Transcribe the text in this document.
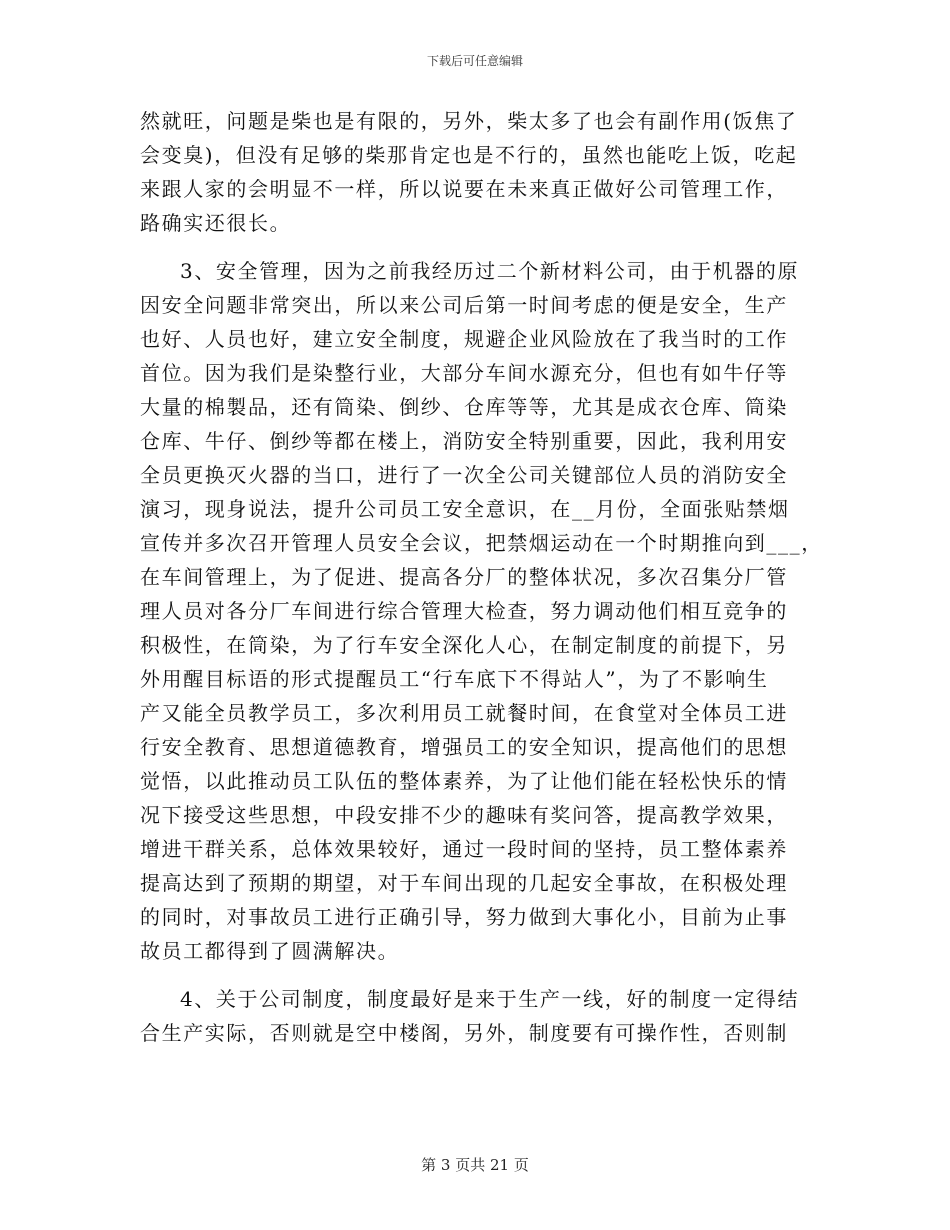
下载后可任意编辑
然就旺，问题是柴也是有限的，另外，柴太多了也会有副作用(饭焦了
会变臭)，但没有足够的柴那肯定也是不行的，虽然也能吃上饭，吃起
来跟人家的会明显不一样，所以说要在未来真正做好公司管理工作，
路确实还很长。
3、安全管理，因为之前我经历过二个新材料公司，由于机器的原
因安全问题非常突出，所以来公司后第一时间考虑的便是安全，生产
也好、人员也好，建立安全制度，规避企业风险放在了我当时的工作
首位。因为我们是染整行业，大部分车间水源充分，但也有如牛仔等
大量的棉製品，还有筒染、倒纱、仓库等等，尤其是成衣仓库、筒染
仓库、牛仔、倒纱等都在楼上，消防安全特别重要，因此，我利用安
全员更换灭火器的当口，进行了一次全公司关键部位人员的消防安全
演习，现身说法，提升公司员工安全意识，在__月份，全面张贴禁烟
宣传并多次召开管理人员安全会议，把禁烟运动在一个时期推向到___，
在车间管理上，为了促进、提高各分厂的整体状况，多次召集分厂管
理人员对各分厂车间进行综合管理大检查，努力调动他们相互竞争的
积极性，在筒染，为了行车安全深化人心，在制定制度的前提下，另
外用醒目标语的形式提醒员工“行车底下不得站人”，为了不影响生
产又能全员教学员工，多次利用员工就餐时间，在食堂对全体员工进
行安全教育、思想道德教育，增强员工的安全知识，提高他们的思想
觉悟，以此推动员工队伍的整体素养，为了让他们能在轻松快乐的情
况下接受这些思想，中段安排不少的趣味有奖问答，提高教学效果，
增进干群关系，总体效果较好，通过一段时间的坚持，员工整体素养
提高达到了预期的期望，对于车间出现的几起安全事故，在积极处理
的同时，对事故员工进行正确引导，努力做到大事化小，目前为止事
故员工都得到了圆满解决。
4、关于公司制度，制度最好是来于生产一线，好的制度一定得结
合生产实际，否则就是空中楼阁，另外，制度要有可操作性，否则制
第 3 页共 21 页
